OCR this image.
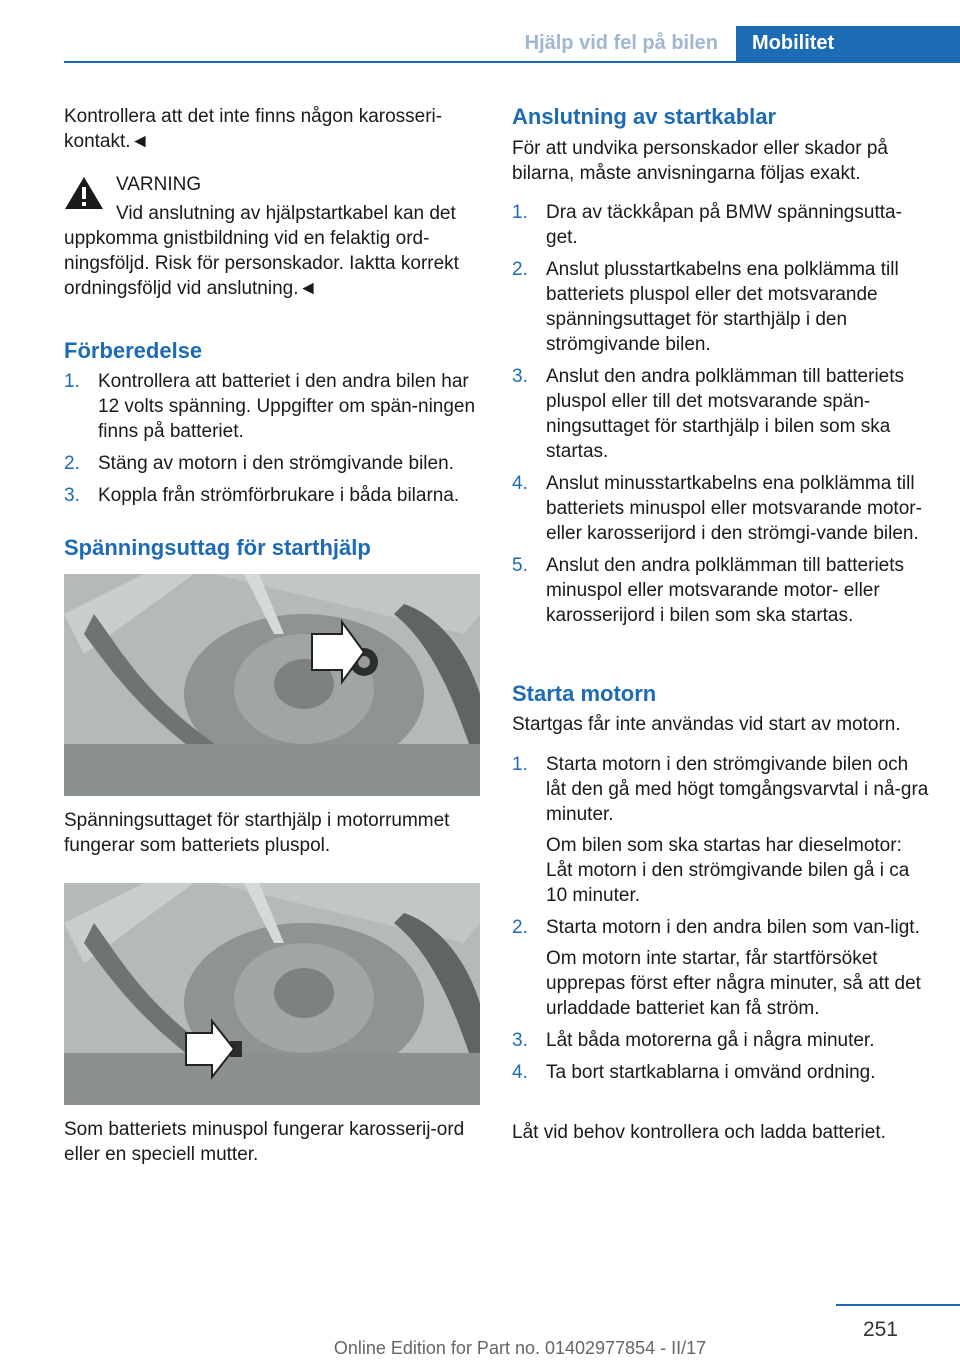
Hjälp vid fel på bilen	Mobilitet

Kontrollera att det inte finns någon karosseri-kontakt.◄

VARNING
Vid anslutning av hjälpstartkabel kan det

uppkomma gnistbildning vid en felaktig ord-ningsföljd. Risk för personskador. Iaktta korrekt ordningsföljd vid anslutning.◄

Förberedelse
1. Kontrollera att batteriet i den andra bilen har 12 volts spänning. Uppgifter om spän-ningen finns på batteriet.
2. Stäng av motorn i den strömgivande bilen.
3. Koppla från strömförbrukare i båda bilarna.
Spänningsuttag för starthjälp

Spänningsuttaget för starthjälp i motorrummet fungerar som batteriets pluspol.

Som batteriets minuspol fungerar karosserij-ord eller en speciell mutter.

Anslutning av startkablar

För att undvika personskador eller skador på bilarna, måste anvisningarna följas exakt.

1. Dra av täckkåpan på BMW spänningsutta-get.
2. Anslut plusstartkabelns ena polklämma till batteriets pluspol eller det motsvarande spänningsuttaget för starthjälp i den strömgivande bilen.
3. Anslut den andra polklämman till batteriets pluspol eller till det motsvarande spän-ningsuttaget för starthjälp i bilen som ska startas.
4. Anslut minusstartkabelns ena polklämma till batteriets minuspol eller motsvarande motor- eller karosserijord i den strömgi-vande bilen.
5. Anslut den andra polklämman till batteriets minuspol eller motsvarande motor- eller karosserijord i bilen som ska startas.
Starta motorn

Startgas får inte användas vid start av motorn.

1. Starta motorn i den strömgivande bilen och låt den gå med högt tomgångsvarvtal i nå-gra minuter.
Om bilen som ska startas har dieselmotor: Låt motorn i den strömgivande bilen gå i ca 10 minuter.
2. Starta motorn i den andra bilen som van-ligt.
Om motorn inte startar, får startförsöket upprepas först efter några minuter, så att det urladdade batteriet kan få ström.
3. Låt båda motorerna gå i några minuter.
4. Ta bort startkablarna i omvänd ordning.

Låt vid behov kontrollera och ladda batteriet.

251
Online Edition for Part no. 01402977854 - II/17
